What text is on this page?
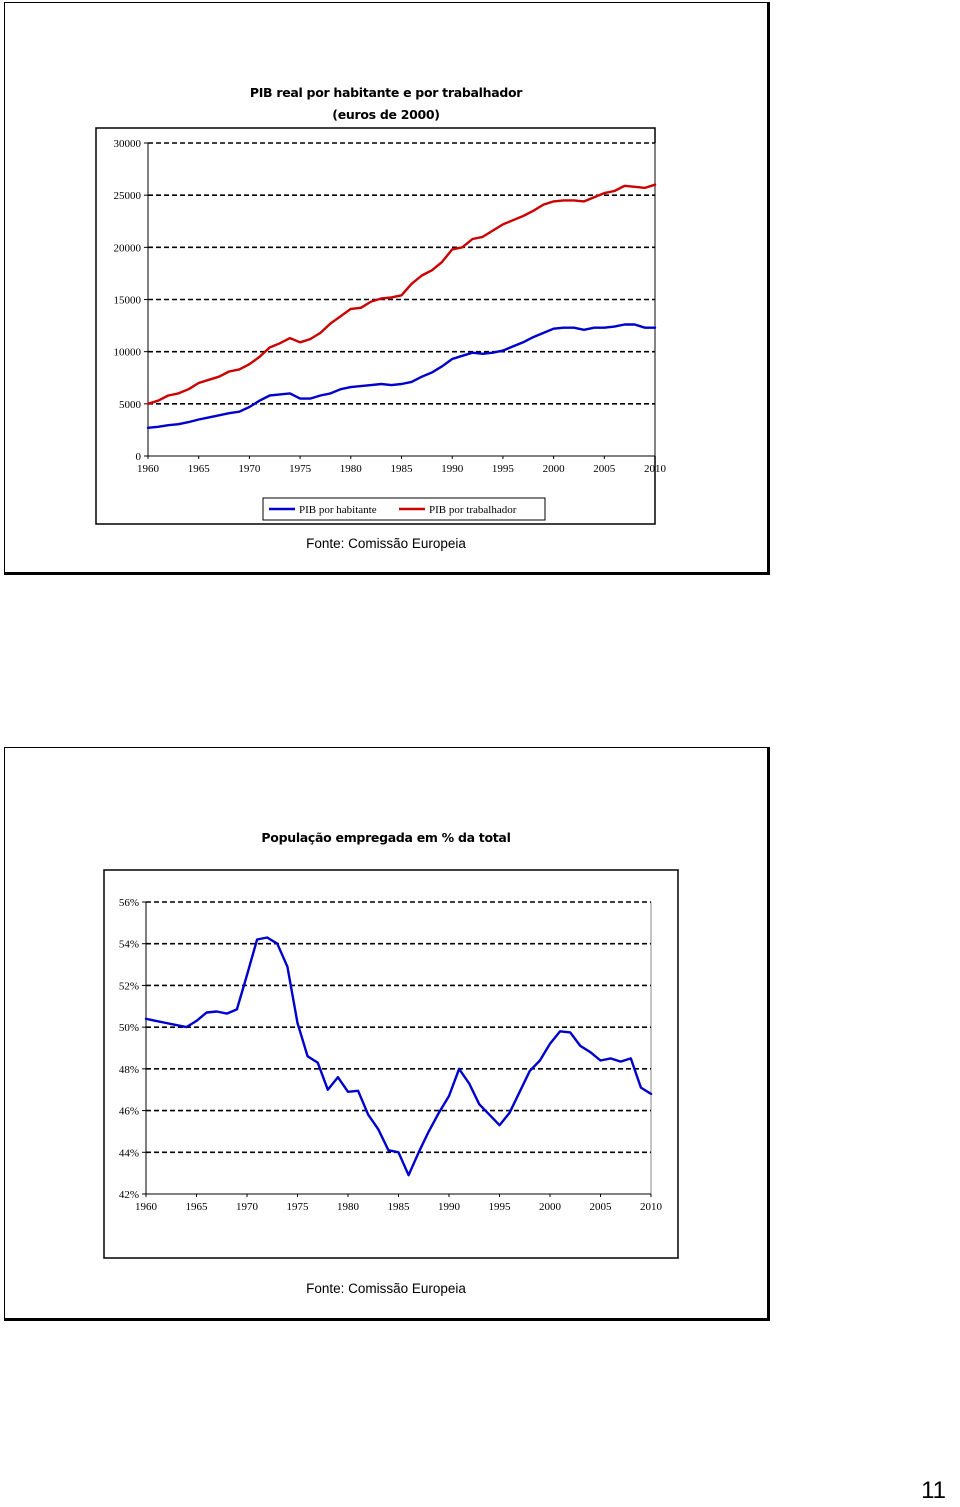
PIB real por habitante e por trabalhador
(euros de 2000)
0
5000
10000
15000
20000
25000
30000
1960	1965	1970	1975	1980	1985	1990	1995	2000	2005	2010
PIB por habitante	PIB por trabalhador
Fonte: Comissão Europeia
População empregada em % da total
42%
44%
46%
48%
50%
52%
54%
56%
1960	1965	1970	1975	1980	1985	1990	1995	2000	2005	2010
Fonte: Comissão Europeia
11
